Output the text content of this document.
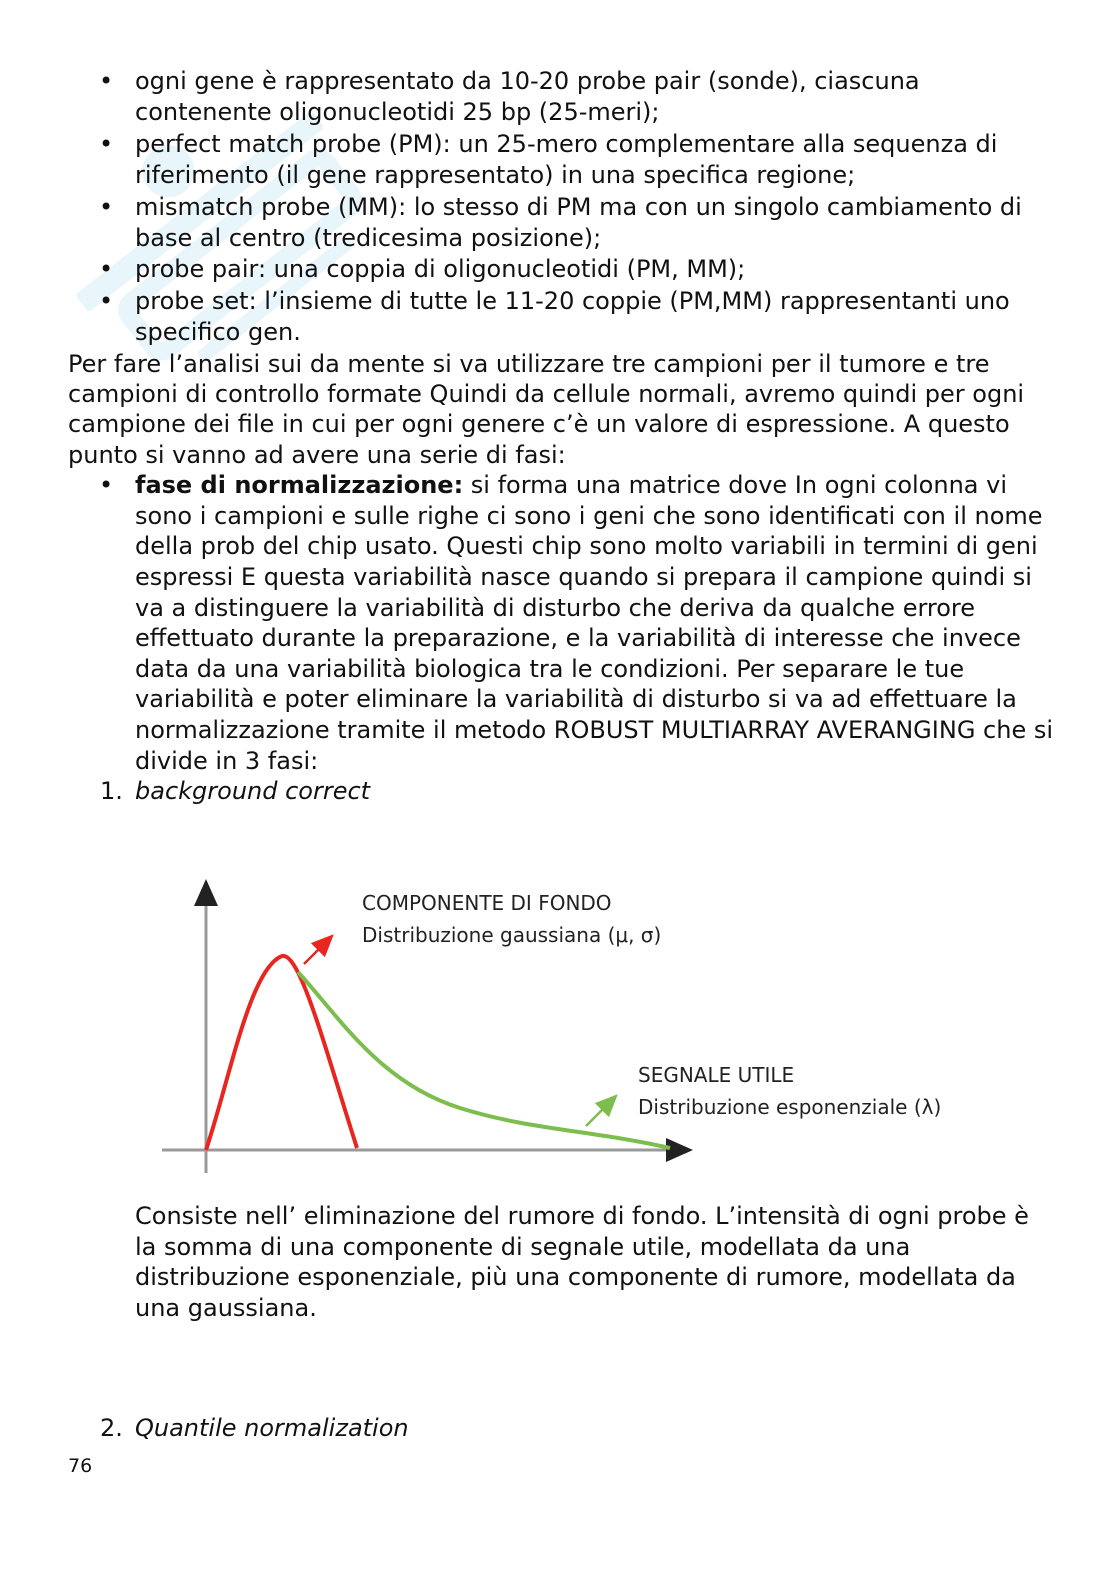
• ogni gene è rappresentato da 10-20 probe pair (sonde), ciascuna contenente oligonucleotidi 25 bp (25-meri);
• perfect match probe (PM): un 25-mero complementare alla sequenza di riferimento (il gene rappresentato) in una specifica regione;
• mismatch probe (MM): lo stesso di PM ma con un singolo cambiamento di base al centro (tredicesima posizione);
• probe pair: una coppia di oligonucleotidi (PM, MM);
• probe set: l’insieme di tutte le 11-20 coppie (PM,MM) rappresentanti uno specifico gen.

Per fare l’analisi sui da mente si va utilizzare tre campioni per il tumore e tre campioni di controllo formate Quindi da cellule normali, avremo quindi per ogni campione dei file in cui per ogni genere c’è un valore di espressione. A questo punto si vanno ad avere una serie di fasi:

• fase di normalizzazione: si forma una matrice dove In ogni colonna vi sono i campioni e sulle righe ci sono i geni che sono identificati con il nome della prob del chip usato. Questi chip sono molto variabili in termini di geni espressi E questa variabilità nasce quando si prepara il campione quindi si va a distinguere la variabilità di disturbo che deriva da qualche errore effettuato durante la preparazione, e la variabilità di interesse che invece data da una variabilità biologica tra le condizioni. Per separare le tue variabilità e poter eliminare la variabilità di disturbo si va ad effettuare la normalizzazione tramite il metodo ROBUST MULTIARRAY AVERANGING che si divide in 3 fasi:
1. background correct
COMPONENTE DI FONDO
Distribuzione gaussiana (μ, σ)
SEGNALE UTILE
Distribuzione esponenziale (λ)
Consiste nell’ eliminazione del rumore di fondo. L’intensità di ogni probe è la somma di una componente di segnale utile, modellata da una distribuzione esponenziale, più una componente di rumore, modellata da una gaussiana.
2. Quantile normalization
76
